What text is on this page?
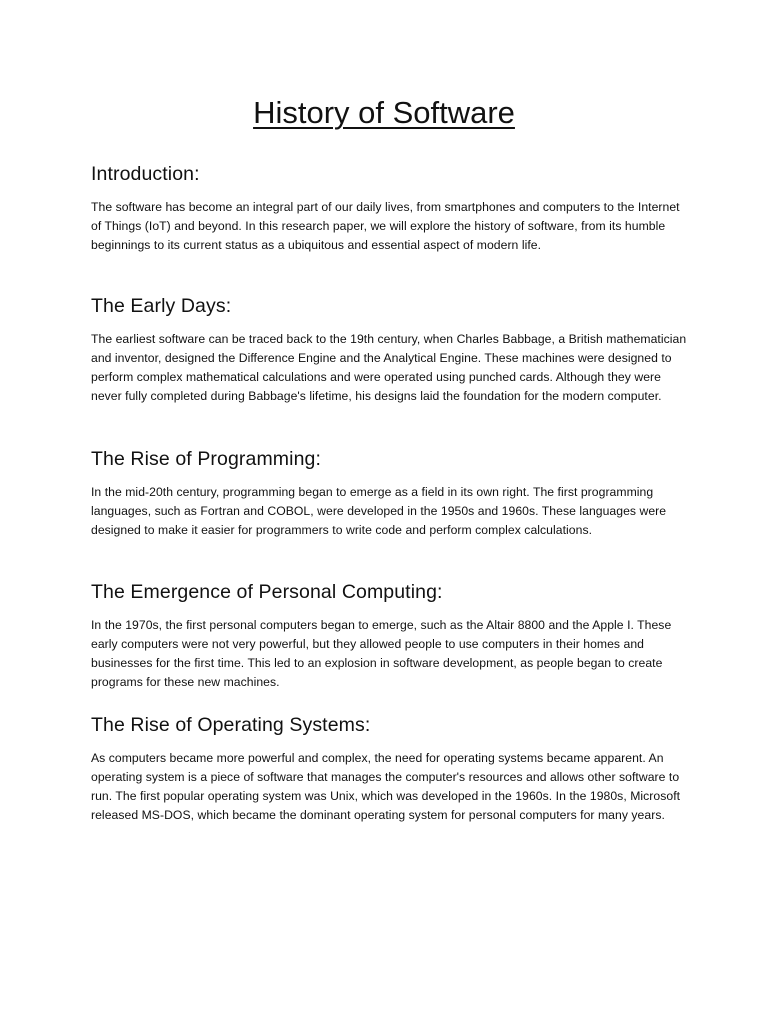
History of Software
Introduction:

The software has become an integral part of our daily lives, from smartphones and computers to the Internet of Things (IoT) and beyond. In this research paper, we will explore the history of software, from its humble beginnings to its current status as a ubiquitous and essential aspect of modern life.

The Early Days:

The earliest software can be traced back to the 19th century, when Charles Babbage, a British mathematician and inventor, designed the Difference Engine and the Analytical Engine. These machines were designed to perform complex mathematical calculations and were operated using punched cards. Although they were never fully completed during Babbage's lifetime, his designs laid the foundation for the modern computer.

The Rise of Programming:

In the mid-20th century, programming began to emerge as a field in its own right. The first programming languages, such as Fortran and COBOL, were developed in the 1950s and 1960s. These languages were designed to make it easier for programmers to write code and perform complex calculations.

The Emergence of Personal Computing:

In the 1970s, the first personal computers began to emerge, such as the Altair 8800 and the Apple I. These early computers were not very powerful, but they allowed people to use computers in their homes and businesses for the first time. This led to an explosion in software development, as people began to create programs for these new machines.

The Rise of Operating Systems:

As computers became more powerful and complex, the need for operating systems became apparent. An operating system is a piece of software that manages the computer's resources and allows other software to run. The first popular operating system was Unix, which was developed in the 1960s. In the 1980s, Microsoft released MS-DOS, which became the dominant operating system for personal computers for many years.
